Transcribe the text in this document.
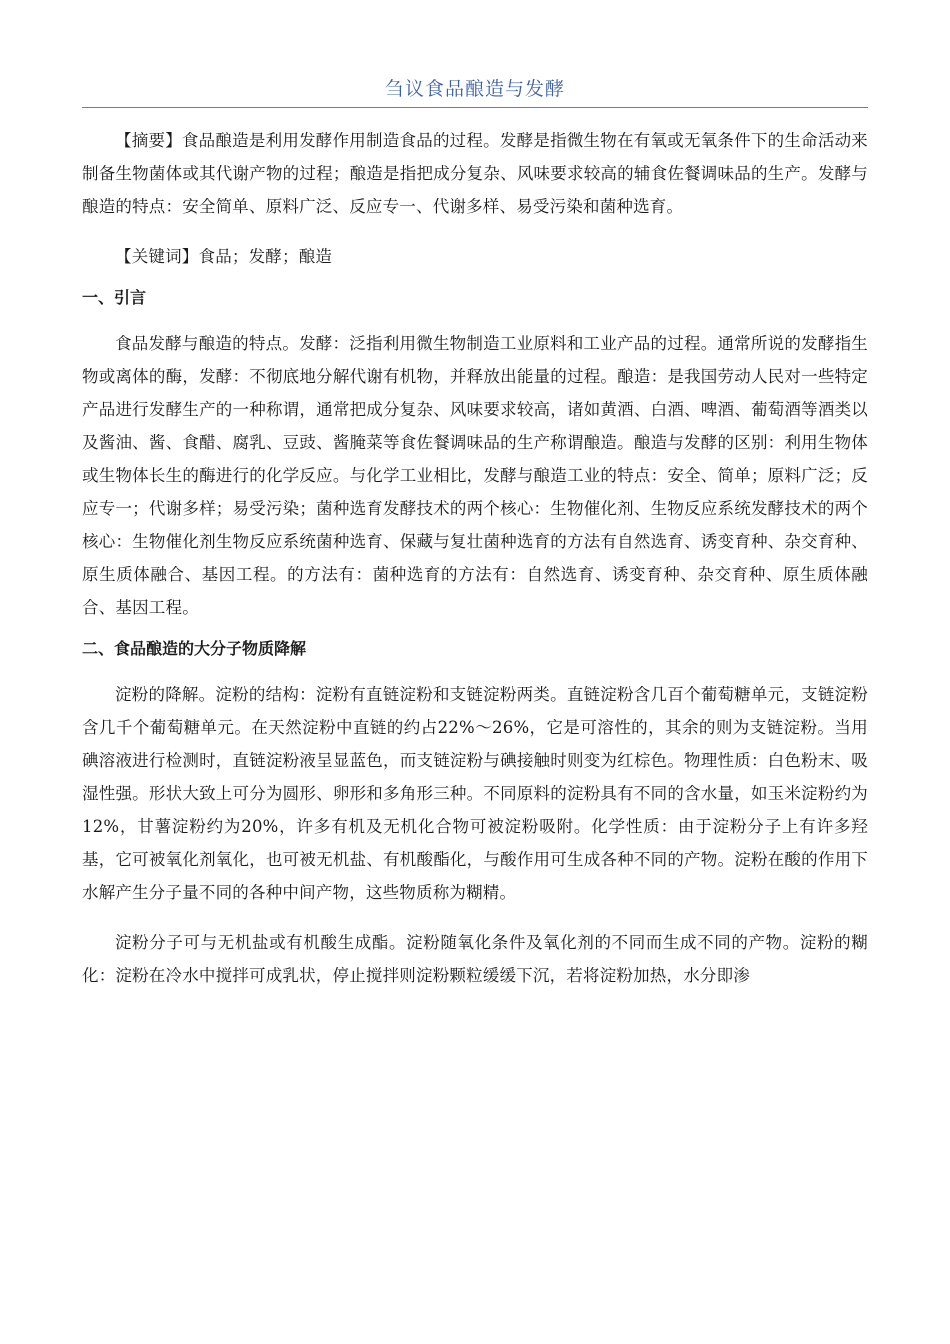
刍议食品酿造与发酵

【摘要】食品酿造是利用发酵作用制造食品的过程。发酵是指微生物在有氧或无氧条件下的生命活动来制备生物菌体或其代谢产物的过程；酿造是指把成分复杂、风味要求较高的辅食佐餐调味品的生产。发酵与酿造的特点：安全简单、原料广泛、反应专一、代谢多样、易受污染和菌种选育。

【关键词】食品；发酵；酿造

一、引言

食品发酵与酿造的特点。发酵：泛指利用微生物制造工业原料和工业产品的过程。通常所说的发酵指生物或离体的酶，发酵：不彻底地分解代谢有机物，并释放出能量的过程。酿造：是我国劳动人民对一些特定产品进行发酵生产的一种称谓，通常把成分复杂、风味要求较高，诸如黄酒、白酒、啤酒、葡萄酒等酒类以及酱油、酱、食醋、腐乳、豆豉、酱腌菜等食佐餐调味品的生产称谓酿造。酿造与发酵的区别：利用生物体或生物体长生的酶进行的化学反应。与化学工业相比，发酵与酿造工业的特点：安全、简单；原料广泛；反应专一；代谢多样；易受污染；菌种选育发酵技术的两个核心：生物催化剂、生物反应系统发酵技术的两个核心：生物催化剂生物反应系统菌种选育、保藏与复壮菌种选育的方法有自然选育、诱变育种、杂交育种、原生质体融合、基因工程。的方法有：菌种选育的方法有：自然选育、诱变育种、杂交育种、原生质体融合、基因工程。

二、食品酿造的大分子物质降解

淀粉的降解。淀粉的结构：淀粉有直链淀粉和支链淀粉两类。直链淀粉含几百个葡萄糖单元，支链淀粉含几千个葡萄糖单元。在天然淀粉中直链的约占22%～26%，它是可溶性的，其余的则为支链淀粉。当用碘溶液进行检测时，直链淀粉液呈显蓝色，而支链淀粉与碘接触时则变为红棕色。物理性质：白色粉末、吸湿性强。形状大致上可分为圆形、卵形和多角形三种。不同原料的淀粉具有不同的含水量，如玉米淀粉约为12%，甘薯淀粉约为20%，许多有机及无机化合物可被淀粉吸附。化学性质：由于淀粉分子上有许多羟基，它可被氧化剂氧化，也可被无机盐、有机酸酯化，与酸作用可生成各种不同的产物。淀粉在酸的作用下水解产生分子量不同的各种中间产物，这些物质称为糊精。

淀粉分子可与无机盐或有机酸生成酯。淀粉随氧化条件及氧化剂的不同而生成不同的产物。淀粉的糊化：淀粉在冷水中搅拌可成乳状，停止搅拌则淀粉颗粒缓缓下沉，若将淀粉加热，水分即渗
